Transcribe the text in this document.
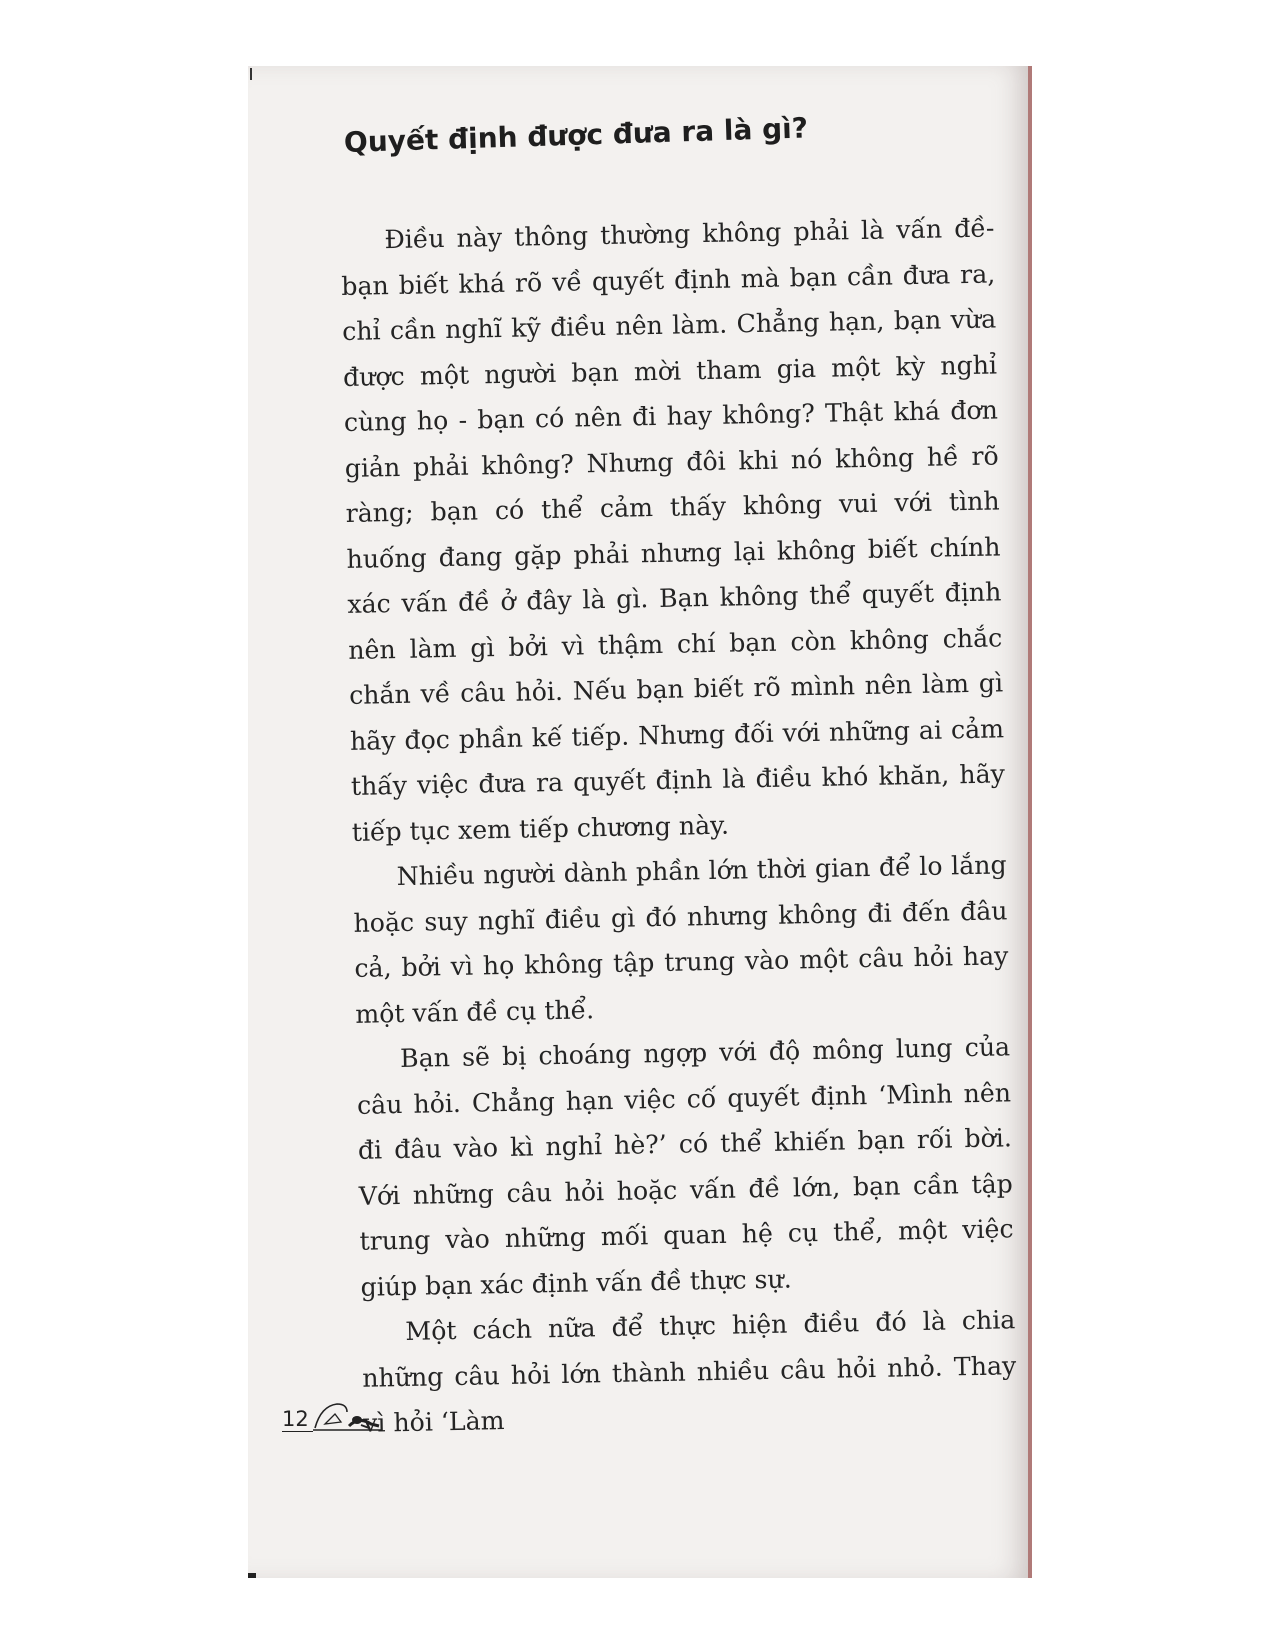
Quyết định được đưa ra là gì?

Điều này thông thường không phải là vấn đề- bạn biết khá rõ về quyết định mà bạn cần đưa ra, chỉ cần nghĩ kỹ điều nên làm. Chẳng hạn, bạn vừa được một người bạn mời tham gia một kỳ nghỉ cùng họ - bạn có nên đi hay không? Thật khá đơn giản phải không? Nhưng đôi khi nó không hề rõ ràng; bạn có thể cảm thấy không vui với tình huống đang gặp phải nhưng lại không biết chính xác vấn đề ở đây là gì. Bạn không thể quyết định nên làm gì bởi vì thậm chí bạn còn không chắc chắn về câu hỏi. Nếu bạn biết rõ mình nên làm gì hãy đọc phần kế tiếp. Nhưng đối với những ai cảm thấy việc đưa ra quyết định là điều khó khăn, hãy tiếp tục xem tiếp chương này.

Nhiều người dành phần lớn thời gian để lo lắng hoặc suy nghĩ điều gì đó nhưng không đi đến đâu cả, bởi vì họ không tập trung vào một câu hỏi hay một vấn đề cụ thể.

Bạn sẽ bị choáng ngợp với độ mông lung của câu hỏi. Chẳng hạn việc cố quyết định ‘Mình nên đi đâu vào kì nghỉ hè?’ có thể khiến bạn rối bời. Với những câu hỏi hoặc vấn đề lớn, bạn cần tập trung vào những mối quan hệ cụ thể, một việc giúp bạn xác định vấn đề thực sự.

Một cách nữa để thực hiện điều đó là chia những câu hỏi lớn thành nhiều câu hỏi nhỏ. Thay vì hỏi ‘Làm

12
